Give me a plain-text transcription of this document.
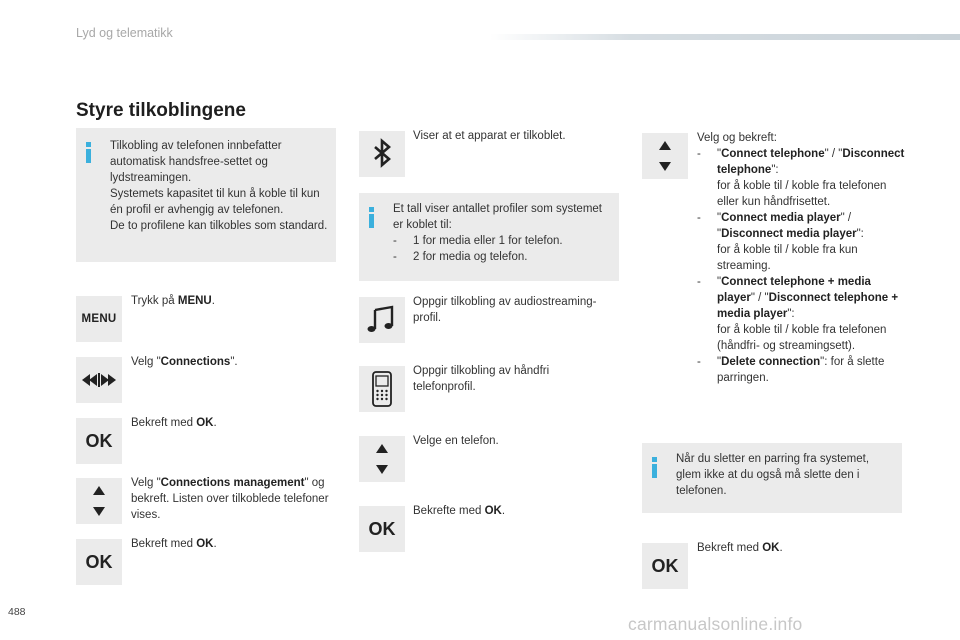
Lyd og telematikk
Styre tilkoblingene
Tilkobling av telefonen innbefatter automatisk handsfree-settet og lydstreamingen.
Systemets kapasitet til kun å koble til kun én profil er avhengig av telefonen.
De to profilene kan tilkobles som standard.
MENU
Trykk på MENU.
Velg "Connections".
OK
Bekreft med OK.
Velg "Connections management" og bekreft. Listen over tilkoblede telefoner vises.
OK
Bekreft med OK.
Viser at et apparat er tilkoblet.
Et tall viser antallet profiler som systemet er koblet til:
- 1 for media eller 1 for telefon.
- 2 for media og telefon.
Oppgir tilkobling av audiostreaming-profil.
Oppgir tilkobling av håndfri telefonprofil.
Velge en telefon.
OK
Bekrefte med OK.
Velg og bekreft:
- "Connect telephone" / "Disconnect telephone":
for å koble til / koble fra telefonen eller kun håndfrisettet.
- "Connect media player" / "Disconnect media player":
for å koble til / koble fra kun streaming.
- "Connect telephone + media player" / "Disconnect telephone + media player":
for å koble til / koble fra telefonen (håndfri- og streamingsett).
- "Delete connection": for å slette parringen.
Når du sletter en parring fra systemet, glem ikke at du også må slette den i telefonen.
OK
Bekreft med OK.
488
carmanualsonline.info
